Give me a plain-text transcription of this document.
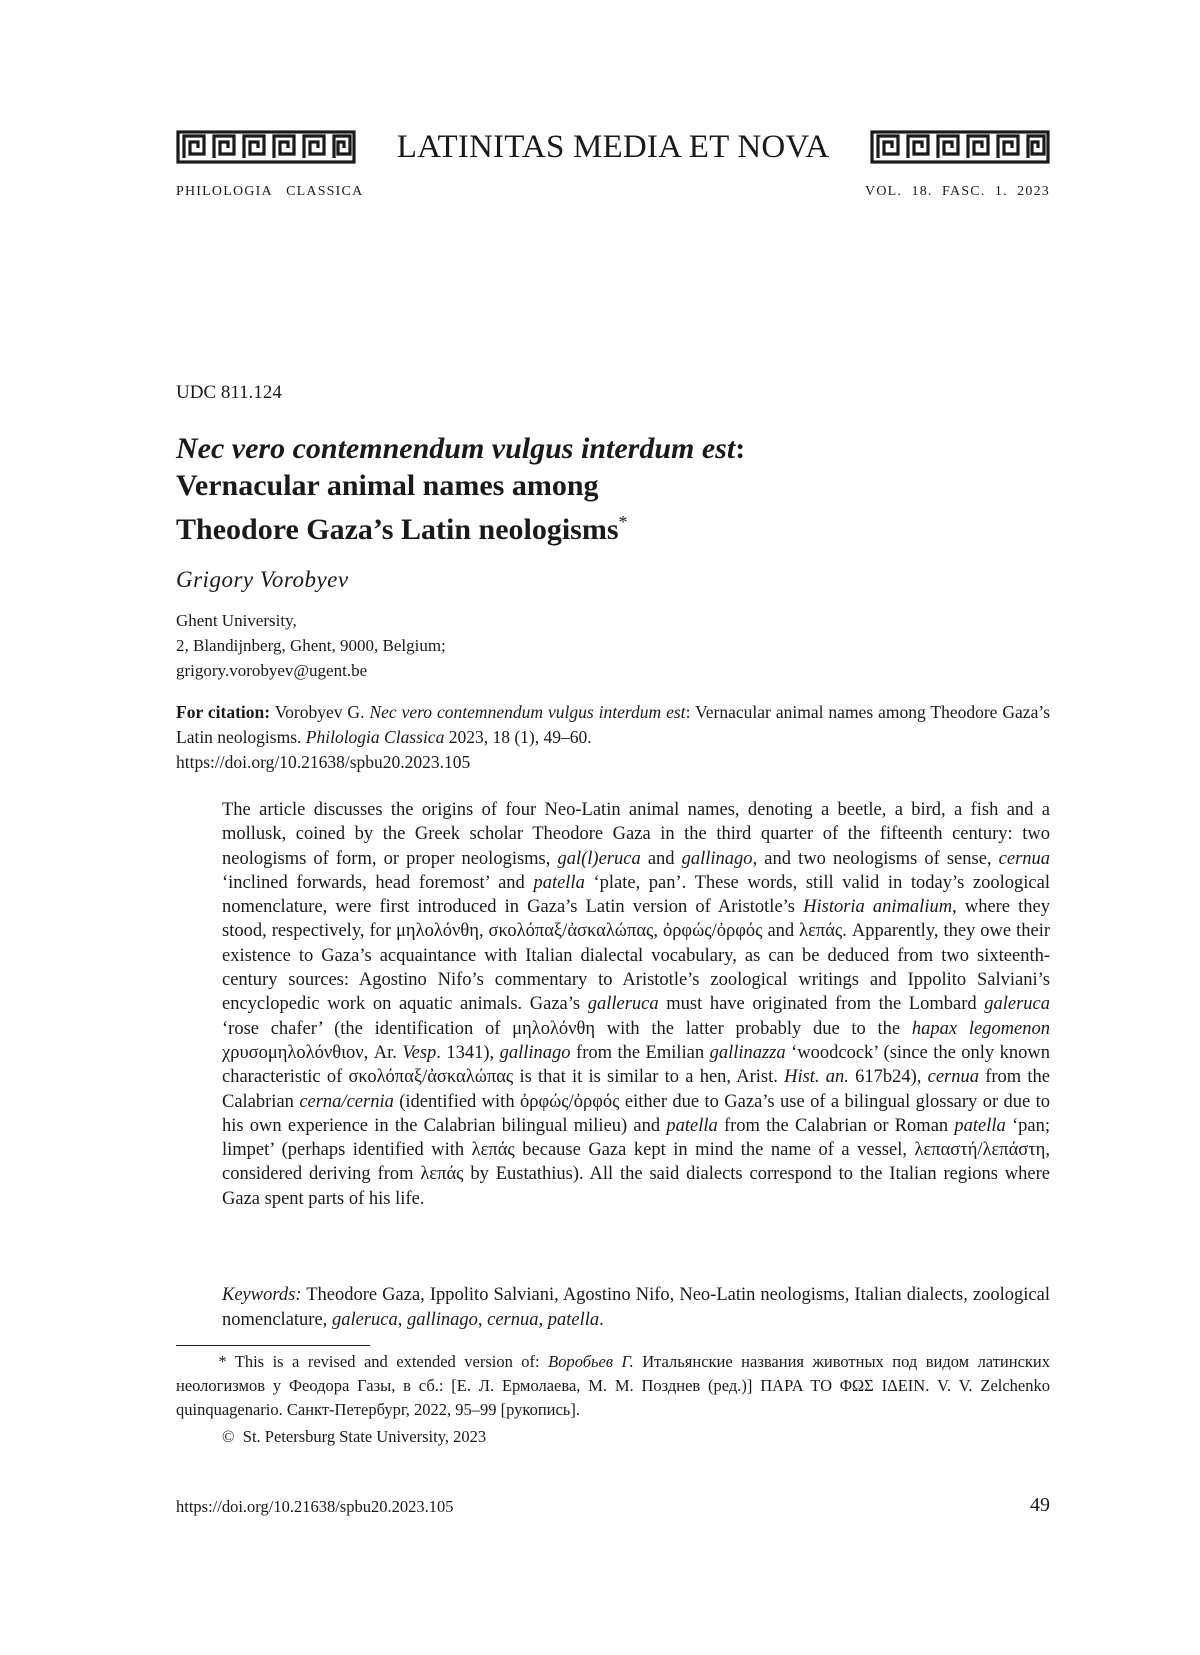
LATINITAS MEDIA ET NOVA
PHILOLOGIA   CLASSICA	VOL.  18.  FASC.  1.  2023
UDC 811.124
Nec vero contemnendum vulgus interdum est:
Vernacular animal names among
Theodore Gaza’s Latin neologisms*
Grigory Vorobyev
Ghent University,
2, Blandijnberg, Ghent, 9000, Belgium;
grigory.vorobyev@ugent.be
For citation: Vorobyev G. Nec vero contemnendum vulgus interdum est: Vernacular animal names among Theodore Gaza’s Latin neologisms. Philologia Classica 2023, 18 (1), 49–60.
https://doi.org/10.21638/spbu20.2023.105
The article discusses the origins of four Neo-Latin animal names, denoting a beetle, a bird, a fish and a mollusk, coined by the Greek scholar Theodore Gaza in the third quarter of the fifteenth century: two neologisms of form, or proper neologisms, gal(l)eruca and gallinago, and two neologisms of sense, cernua ‘inclined forwards, head foremost’ and patella ‘plate, pan’. These words, still valid in today’s zoological nomenclature, were first introduced in Gaza’s Latin version of Aristotle’s Historia animalium, where they stood, respectively, for μηλολόνθη, σκολόπαξ/ἀσκαλώπας, ὀρφώς/ὀρφός and λεπάς. Apparently, they owe their existence to Gaza’s acquaintance with Italian dialectal vocabulary, as can be deduced from two sixteenth-century sources: Agostino Nifo’s commentary to Aristotle’s zoological writings and Ippolito Salviani’s encyclopedic work on aquatic animals. Gaza’s galleruca must have originated from the Lombard galeruca ‘rose chafer’ (the identification of μηλολόνθη with the latter probably due to the hapax legomenon χρυσομηλολόνθιον, Ar. Vesp. 1341), gallinago from the Emilian gallinazza ‘woodcock’ (since the only known characteristic of σκολόπαξ/ἀσκαλώπας is that it is similar to a hen, Arist. Hist. an. 617b24), cernua from the Calabrian cerna/cernia (identified with ὀρφώς/ὀρφός either due to Gaza’s use of a bilingual glossary or due to his own experience in the Calabrian bilingual milieu) and patella from the Calabrian or Roman patella ‘pan; limpet’ (perhaps identified with λεπάς because Gaza kept in mind the name of a vessel, λεπαστή/λεπάστη, considered deriving from λεπάς by Eustathius). All the said dialects correspond to the Italian regions where Gaza spent parts of his life.
Keywords: Theodore Gaza, Ippolito Salviani, Agostino Nifo, Neo-Latin neologisms, Italian dialects, zoological nomenclature, galeruca, gallinago, cernua, patella.
* This is a revised and extended version of: Воробьев Г. Итальянские названия животных под видом латинских неологизмов у Феодора Газы, в сб.: [Е. Л. Ермолаева, М. М. Позднев (ред.)] ΠΑΡΑ ΤΟ ΦΩΣ ΙΔΕΙΝ. V. V. Zelchenko quinquagenario. Санкт-Петербург, 2022, 95–99 [рукопись].
©  St. Petersburg State University, 2023
https://doi.org/10.21638/spbu20.2023.105	49
